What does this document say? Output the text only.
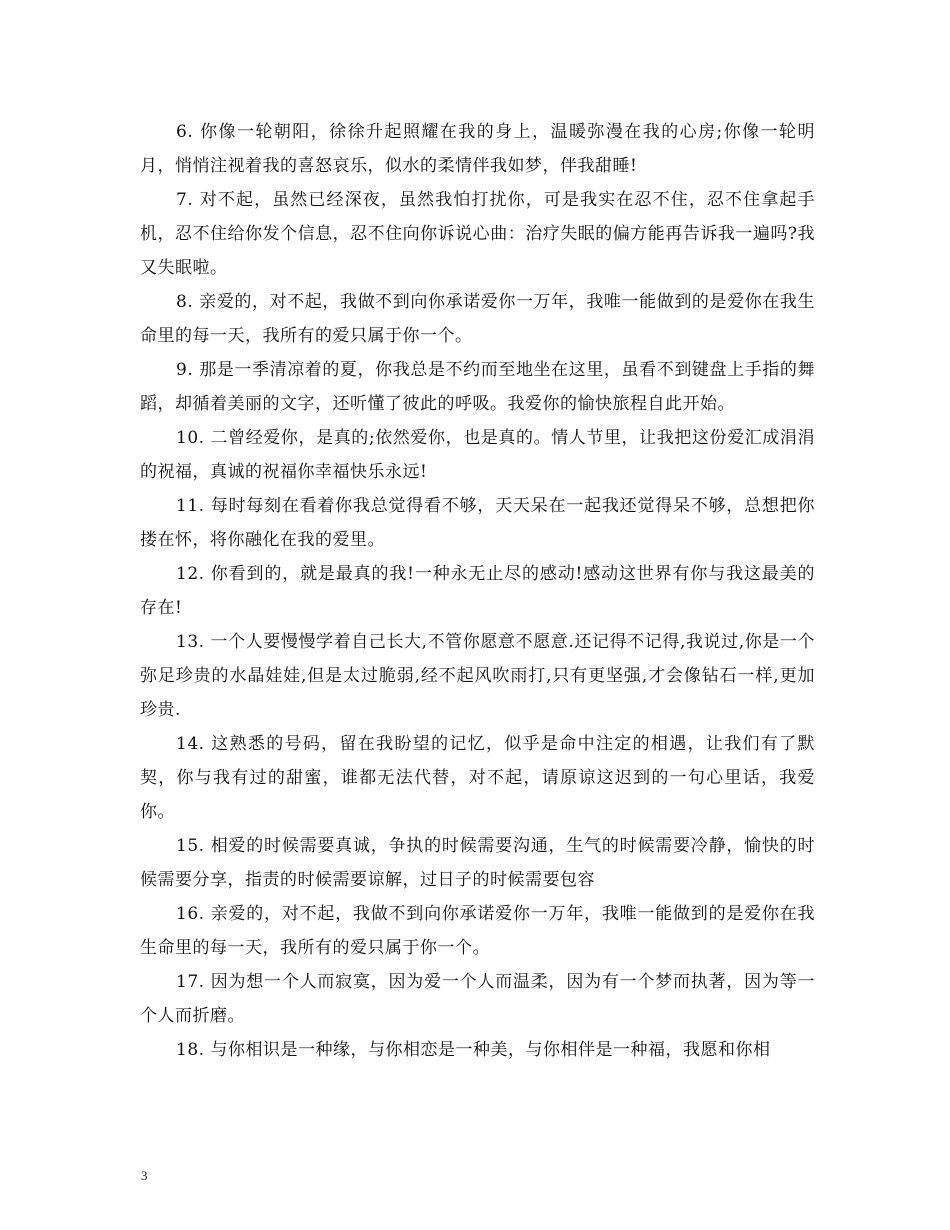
6. 你像一轮朝阳，徐徐升起照耀在我的身上，温暖弥漫在我的心房;你像一轮明月，悄悄注视着我的喜怒哀乐，似水的柔情伴我如梦，伴我甜睡!

7. 对不起，虽然已经深夜，虽然我怕打扰你，可是我实在忍不住，忍不住拿起手机，忍不住给你发个信息，忍不住向你诉说心曲：治疗失眠的偏方能再告诉我一遍吗?我又失眠啦。

8. 亲爱的，对不起，我做不到向你承诺爱你一万年，我唯一能做到的是爱你在我生命里的每一天，我所有的爱只属于你一个。

9. 那是一季清凉着的夏，你我总是不约而至地坐在这里，虽看不到键盘上手指的舞蹈，却循着美丽的文字，还听懂了彼此的呼吸。我爱你的愉快旅程自此开始。

10. 二曾经爱你，是真的;依然爱你，也是真的。情人节里，让我把这份爱汇成涓涓的祝福，真诚的祝福你幸福快乐永远!

11. 每时每刻在看着你我总觉得看不够，天天呆在一起我还觉得呆不够，总想把你搂在怀，将你融化在我的爱里。

12. 你看到的，就是最真的我!一种永无止尽的感动!感动这世界有你与我这最美的存在!

13. 一个人要慢慢学着自己长大,不管你愿意不愿意.还记得不记得,我说过,你是一个弥足珍贵的水晶娃娃,但是太过脆弱,经不起风吹雨打,只有更坚强,才会像钻石一样,更加珍贵.

14. 这熟悉的号码，留在我盼望的记忆，似乎是命中注定的相遇，让我们有了默契，你与我有过的甜蜜，谁都无法代替，对不起，请原谅这迟到的一句心里话，我爱你。

15. 相爱的时候需要真诚，争执的时候需要沟通，生气的时候需要冷静，愉快的时候需要分享，指责的时候需要谅解，过日子的时候需要包容

16. 亲爱的，对不起，我做不到向你承诺爱你一万年，我唯一能做到的是爱你在我生命里的每一天，我所有的爱只属于你一个。

17. 因为想一个人而寂寞，因为爱一个人而温柔，因为有一个梦而执著，因为等一个人而折磨。

18. 与你相识是一种缘，与你相恋是一种美，与你相伴是一种福，我愿和你相

3
